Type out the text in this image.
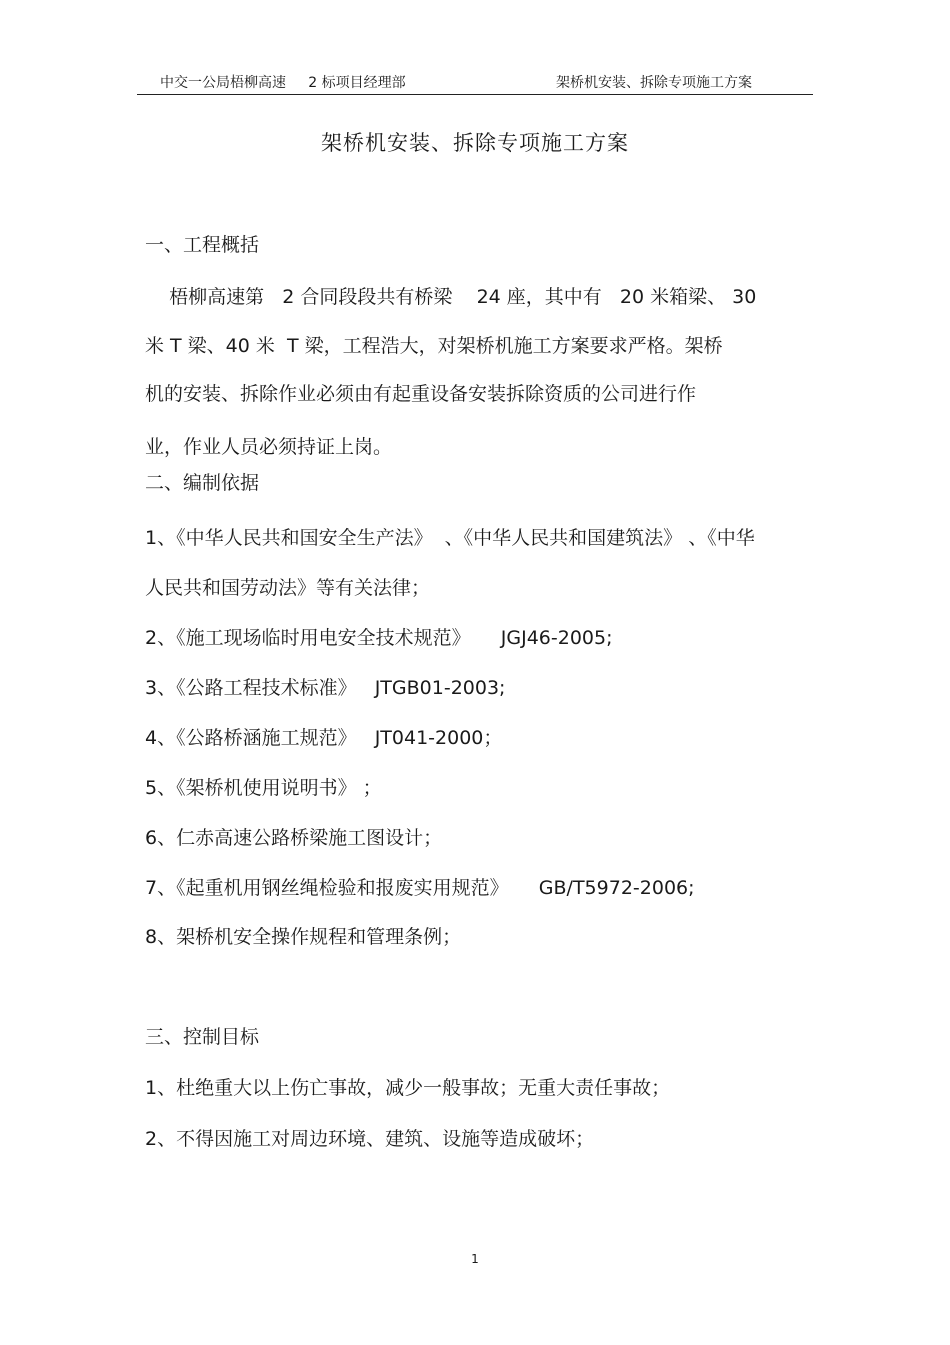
中交一公局梧柳高速     2 标项目经理部	架桥机安装、拆除专项施工方案
架桥机安装、拆除专项施工方案
一、工程概括
梧柳高速第   2 合同段段共有桥梁    24 座，其中有   20 米箱梁、 30
米 T 梁、40 米  T 梁，工程浩大，对架桥机施工方案要求严格。架桥
机的安装、拆除作业必须由有起重设备安装拆除资质的公司进行作
业，作业人员必须持证上岗。
二、编制依据
1、《中华人民共和国安全生产法》  、《中华人民共和国建筑法》 、《中华
人民共和国劳动法》等有关法律；
2、《施工现场临时用电安全技术规范》     JGJ46-2005;
3、《公路工程技术标准》   JTGB01-2003;
4、《公路桥涵施工规范》   JT041-2000；
5、《架桥机使用说明书》 ；
6、仁赤高速公路桥梁施工图设计；
7、《起重机用钢丝绳检验和报废实用规范》     GB/T5972-2006;
8、架桥机安全操作规程和管理条例；
三、控制目标
1、杜绝重大以上伤亡事故，减少一般事故；无重大责任事故；
2、不得因施工对周边环境、建筑、设施等造成破坏；
1
